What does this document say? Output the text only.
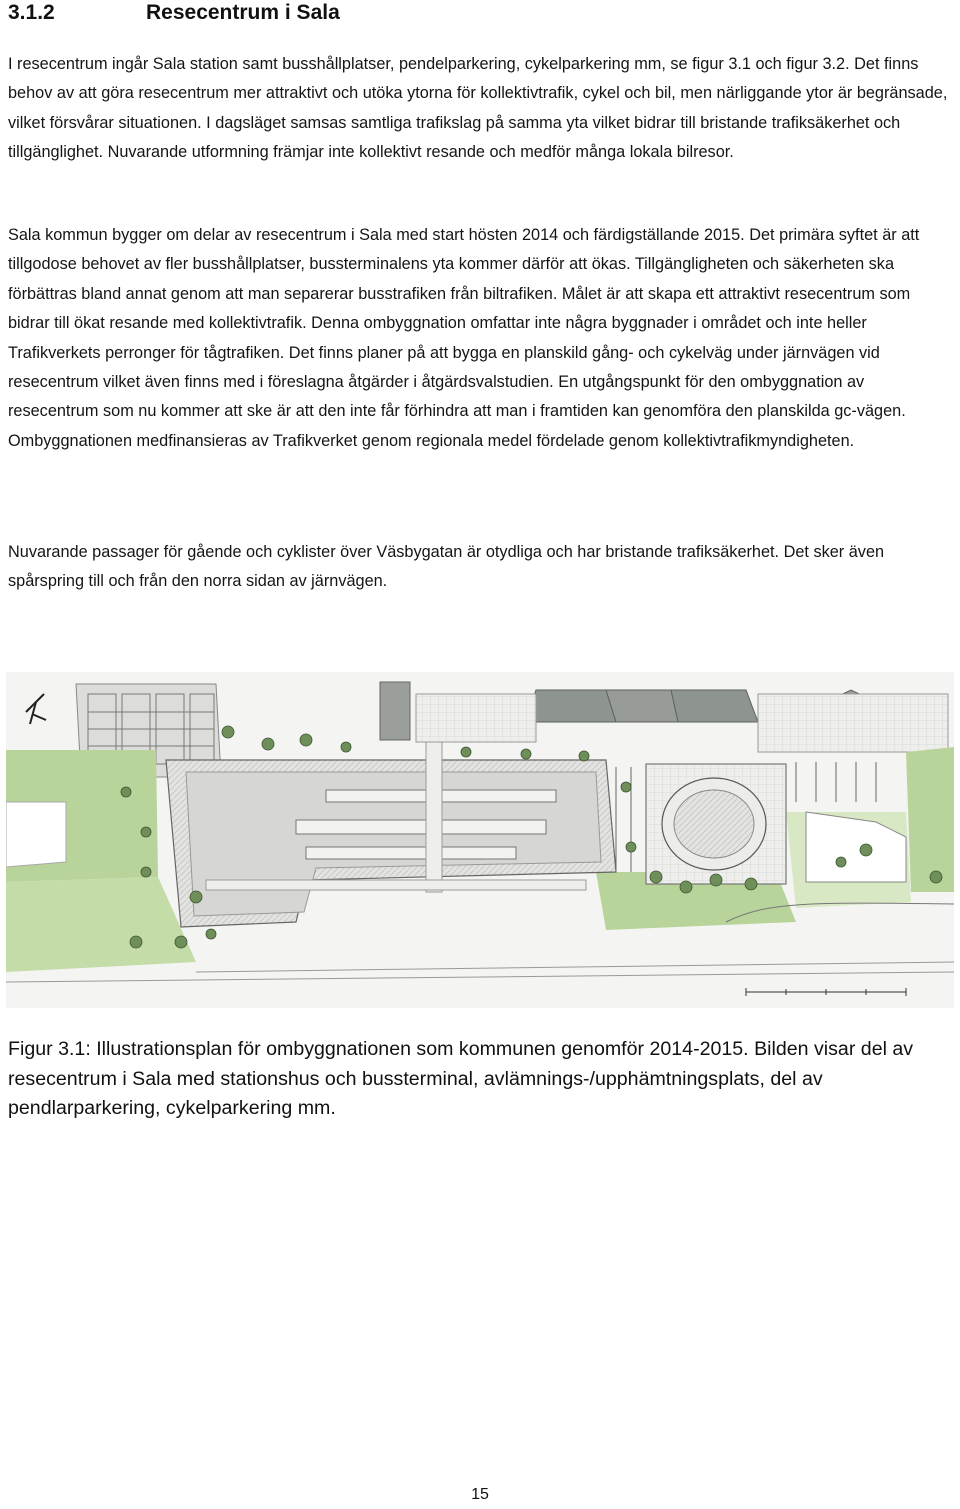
3.1.2	Resecentrum i Sala

I resecentrum ingår Sala station samt busshållplatser, pendelparkering, cykelparkering mm, se figur 3.1 och figur 3.2. Det finns behov av att göra resecentrum mer attraktivt och utöka ytorna för kollektivtrafik, cykel och bil, men närliggande ytor är begränsade, vilket försvårar situationen. I dagsläget samsas samtliga trafikslag på samma yta vilket bidrar till bristande trafiksäkerhet och tillgänglighet. Nuvarande utformning främjar inte kollektivt resande och medför många lokala bilresor.

Sala kommun bygger om delar av resecentrum i Sala med start hösten 2014 och färdigställande 2015. Det primära syftet är att tillgodose behovet av fler busshållplatser, bussterminalens yta kommer därför att ökas. Tillgängligheten och säkerheten ska förbättras bland annat genom att man separerar busstrafiken från biltrafiken. Målet är att skapa ett attraktivt resecentrum som bidrar till ökat resande med kollektivtrafik. Denna ombyggnation omfattar inte några byggnader i området och inte heller Trafikverkets perronger för tågtrafiken. Det finns planer på att bygga en planskild gång- och cykelväg under järnvägen vid resecentrum vilket även finns med i föreslagna åtgärder i åtgärdsvalstudien. En utgångspunkt för den ombyggnation av resecentrum som nu kommer att ske är att den inte får förhindra att man i framtiden kan genomföra den planskilda gc-vägen. Ombyggnationen medfinansieras av Trafikverket genom regionala medel fördelade genom kollektivtrafikmyndigheten.

Nuvarande passager för gående och cyklister över Väsbygatan är otydliga och har bristande trafiksäkerhet. Det sker även spårspring till och från den norra sidan av järnvägen.

Figur 3.1: Illustrationsplan för ombyggnationen som kommunen genomför 2014-2015. Bilden visar del av resecentrum i Sala med stationshus och bussterminal, avlämnings-/upphämtningsplats, del av pendlarparkering, cykelparkering mm.
15
